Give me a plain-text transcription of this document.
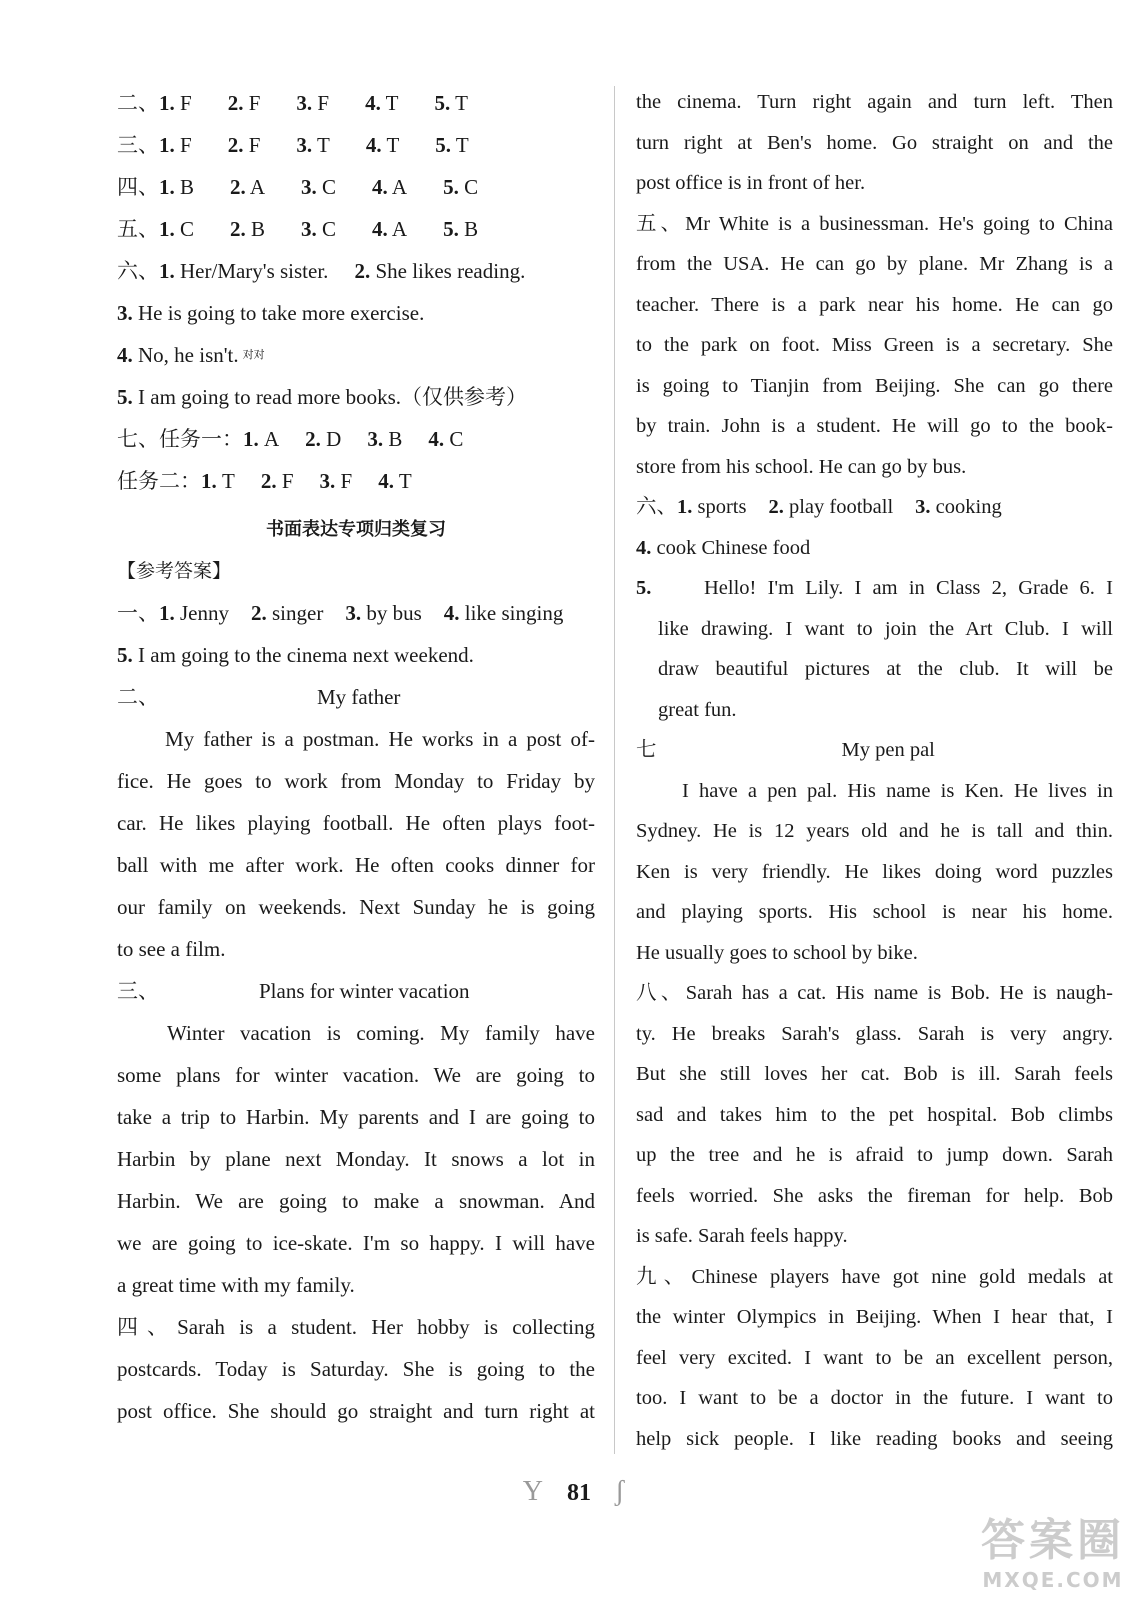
二、1. F 2. F 3. F 4. T 5. T
三、1. F 2. F 3. T 4. T 5. T
四、1. B 2. A 3. C 4. A 5. C
五、1. C 2. B 3. C 4. A 5. B
六、1. Her/Mary's sister. 2. She likes reading.
3. He is going to take more exercise.
4. No, he isn't. $^{对对}$
5. I am going to read more books.（仅供参考）
七、任务一：1. A 2. D 3. B 4. C
任务二：1. T 2. F 3. F 4. T
书面表达专项归类复习
【参考答案】
一、1. Jenny 2. singer 3. by bus 4. like singing
5. I am going to the cinema next weekend.
二、	My father
My father is a postman. He works in a post of-
fice. He goes to work from Monday to Friday by
car. He likes playing football. He often plays foot-
ball with me after work. He often cooks dinner for
our family on weekends. Next Sunday he is going
to see a film.
三、	Plans for winter vacation
Winter vacation is coming. My family have
some plans for winter vacation. We are going to
take a trip to Harbin. My parents and I are going to
Harbin by plane next Monday. It snows a lot in
Harbin. We are going to make a snowman. And
we are going to ice-skate. I'm so happy. I will have
a great time with my family.
四、Sarah is a student. Her hobby is collecting
postcards. Today is Saturday. She is going to the
post office. She should go straight and turn right at
the cinema. Turn right again and turn left. Then
turn right at Ben's home. Go straight on and the
post office is in front of her.
五、Mr White is a businessman. He's going to China
from the USA. He can go by plane. Mr Zhang is a
teacher. There is a park near his home. He can go
to the park on foot. Miss Green is a secretary. She
is going to Tianjin from Beijing. She can go there
by train. John is a student. He will go to the book-
store from his school. He can go by bus.
六、1. sports 2. play football 3. cooking
4. cook Chinese food
5.	Hello! I'm Lily. I am in Class 2, Grade 6. I
like drawing. I want to join the Art Club. I will
draw beautiful pictures at the club. It will be
great fun.
七	My pen pal
I have a pen pal. His name is Ken. He lives in
Sydney. He is 12 years old and he is tall and thin.
Ken is very friendly. He likes doing word puzzles
and playing sports. His school is near his home.
He usually goes to school by bike.
八、Sarah has a cat. His name is Bob. He is naugh-
ty. He breaks Sarah's glass. Sarah is very angry.
But she still loves her cat. Bob is ill. Sarah feels
sad and takes him to the pet hospital. Bob climbs
up the tree and he is afraid to jump down. Sarah
feels worried. She asks the fireman for help. Bob
is safe. Sarah feels happy.
九、Chinese players have got nine gold medals at
the winter Olympics in Beijing. When I hear that, I
feel very excited. I want to be an excellent person,
too. I want to be a doctor in the future. I want to
help sick people. I like reading books and seeing
Y 81 ʃ
答案圈
MXQE.COM
